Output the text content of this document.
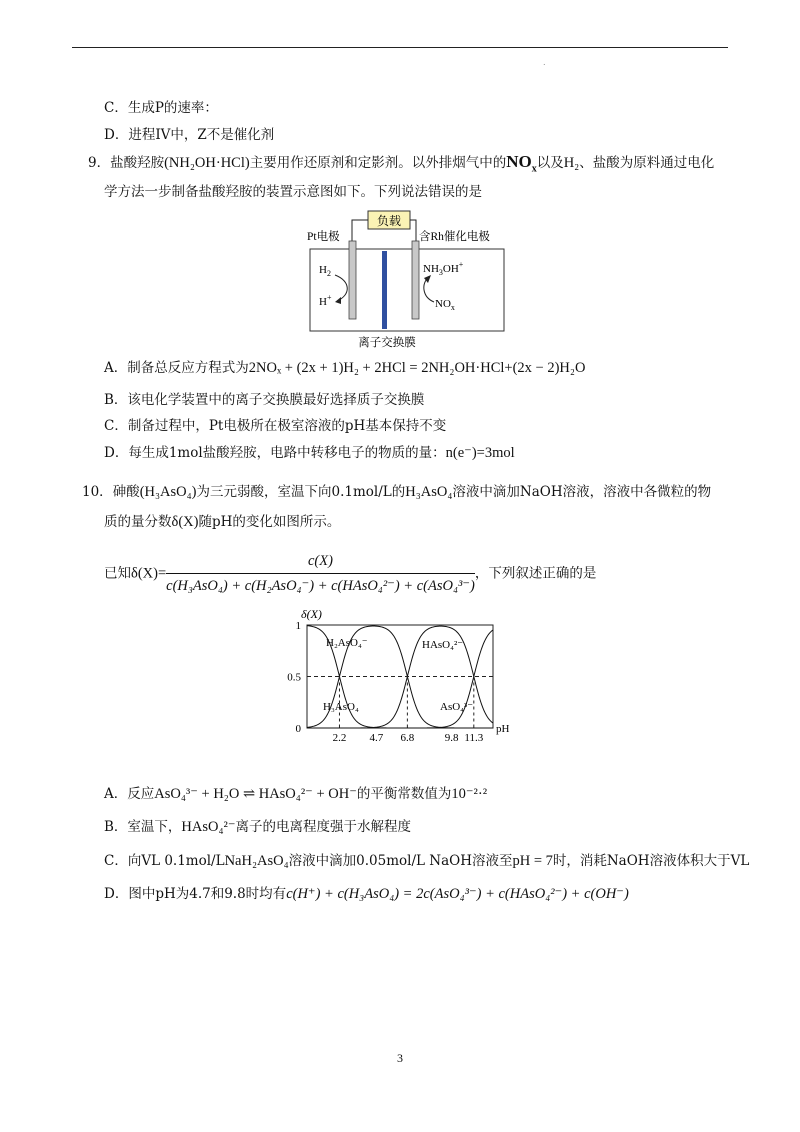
.
C．生成P的速率：
D．进程IV中，Z不是催化剂
9．盐酸羟胺(NH₂OH·HCl)主要用作还原剂和定影剂。以外排烟气中的$NO_x$以及H₂、盐酸为原料通过电化
学方法一步制备盐酸羟胺的装置示意图如下。下列说法错误的是
负载
Pt电极	含Rh催化电极
$H_2$
H+
$NH_3OH^+$
$NO_x$
离子交换膜
A．制备总反应方程式为2NOₓ + (2x + 1)H₂ + 2HCl = 2NH₂OH·HCl+(2x − 2)H₂O
B．该电化学装置中的离子交换膜最好选择质子交换膜
C．制备过程中，Pt电极所在极室溶液的pH基本保持不变
D．每生成1mol盐酸羟胺，电路中转移电子的物质的量：n(e⁻)=3mol
10．砷酸(H₃AsO₄)为三元弱酸，室温下向0.1mol/L的H₃AsO₄溶液中滴加NaOH溶液，溶液中各微粒的物
质的量分数δ(X)随pH的变化如图所示。
已知$\delta(X)= \frac{c(X)}{\text{c(H₃AsO₄) + c(H₂AsO₄⁻) + c(HAsO₄²⁻) + c(AsO₄³⁻)}}$ ，下列叙述正确的是
δ(X)
2.2 4.7 6.8	9.8 11.3
0
0.5
1
pH
H₂AsO₄⁻	HAsO₄²⁻
H₃AsO₄	AsO₄³⁻
A．反应AsO₄³⁻ + H₂O ⇌ HAsO₄²⁻ + OH⁻的平衡常数值为10⁻²·²
B．室温下，HAsO₄²⁻离子的电离程度强于水解程度
C．向VL 0.1mol/LNaH₂AsO₄溶液中滴加0.05mol/L NaOH溶液至pH = 7时，消耗NaOH溶液体积大于VL
D．图中pH为4.7和9.8时均有c(H⁺) + c(H₃AsO₄) = 2c(AsO₄³⁻) + c(HAsO₄²⁻) + c(OH⁻)
3
